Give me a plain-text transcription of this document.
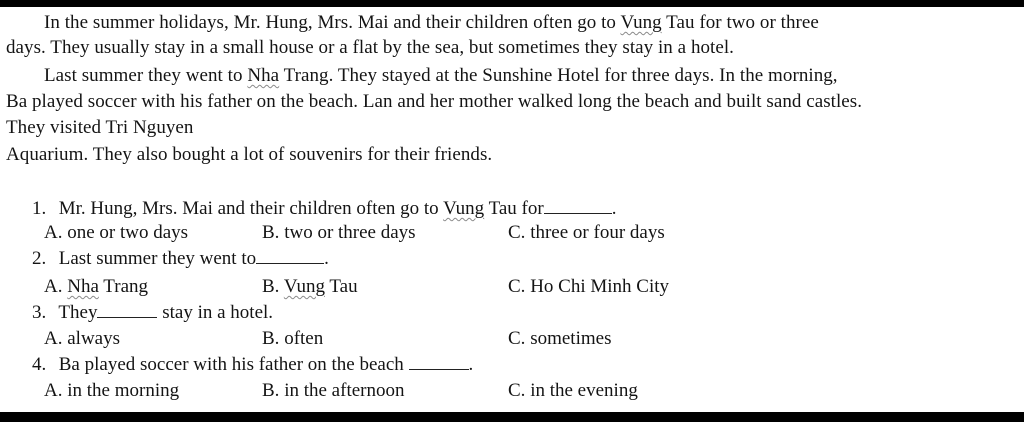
In the summer holidays, Mr. Hung, Mrs. Mai and their children often go to Vung Tau for two or three
days. They usually stay in a small house or a flat by the sea, but sometimes they stay in a hotel.
Last summer they went to Nha Trang. They stayed at the Sunshine Hotel for three days. In the morning,
Ba played soccer with his father on the beach. Lan and her mother walked long the beach and built sand castles.
They visited Tri Nguyen
Aquarium. They also bought a lot of souvenirs for their friends.
1. Mr. Hung, Mrs. Mai and their children often go to Vung Tau for	.
A. one or two days	B. two or three days	C. three or four days
2. Last summer they went to	.
A. Nha Trang	B. Vung Tau	C. Ho Chi Minh City
3. They	stay in a hotel.
A. always	B. often	C. sometimes
4. Ba played soccer with his father on the beach	.
A. in the morning	B. in the afternoon	C. in the evening
